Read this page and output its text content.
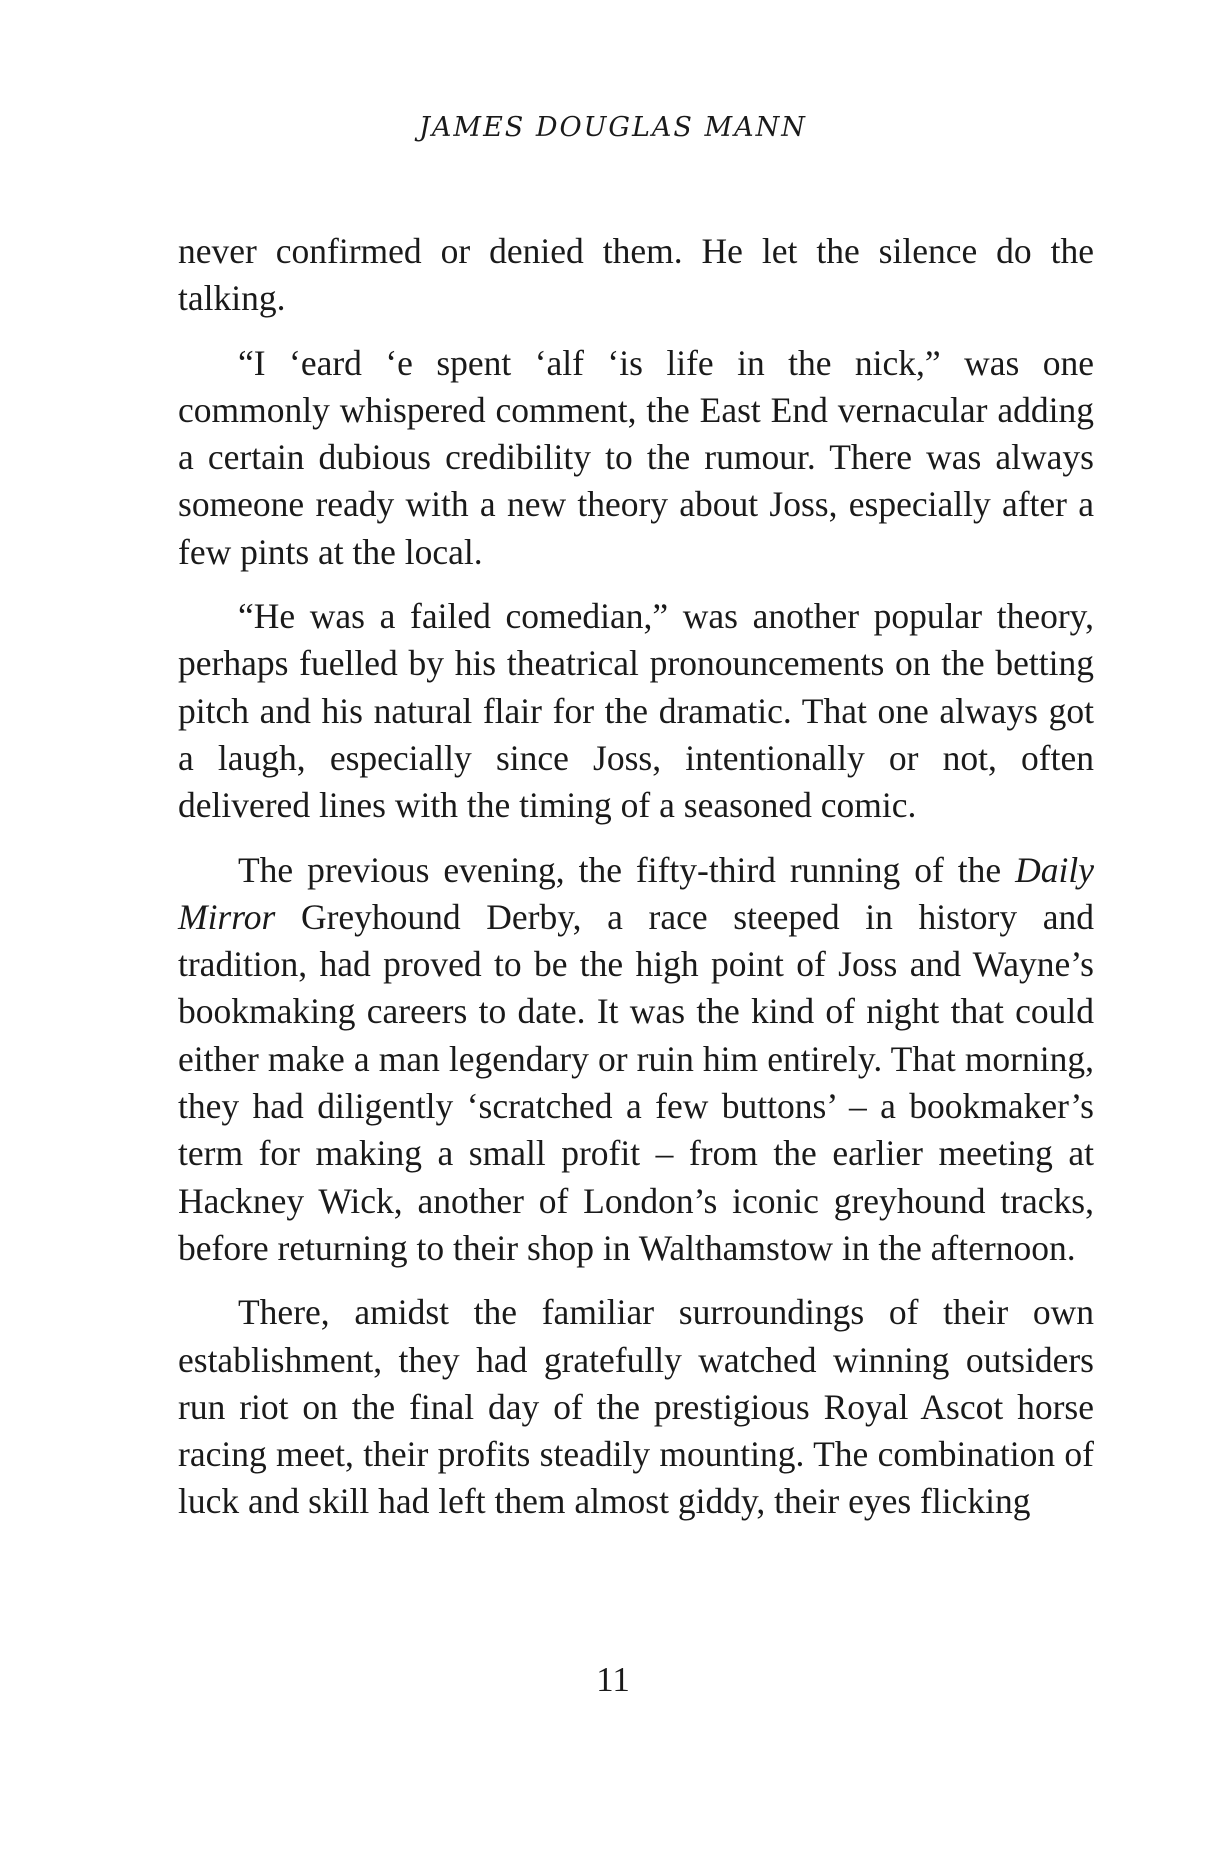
JAMES DOUGLAS MANN

never confirmed or denied them. He let the silence do the talking.

“I ‘eard ‘e spent ‘alf ‘is life in the nick,” was one commonly whispered comment, the East End vernacular adding a certain dubious credibility to the rumour. There was always someone ready with a new theory about Joss, especially after a few pints at the local.

“He was a failed comedian,” was another popular theory, perhaps fuelled by his theatrical pronouncements on the betting pitch and his natural flair for the dramatic. That one always got a laugh, especially since Joss, intentionally or not, often delivered lines with the timing of a seasoned comic.

The previous evening, the fifty-third running of the Daily Mirror Greyhound Derby, a race steeped in history and tradition, had proved to be the high point of Joss and Wayne’s bookmaking careers to date. It was the kind of night that could either make a man legendary or ruin him entirely. That morning, they had diligently ‘scratched a few buttons’ – a bookmaker’s term for making a small profit – from the earlier meeting at Hackney Wick, another of London’s iconic greyhound tracks, before returning to their shop in Walthamstow in the afternoon.

There, amidst the familiar surroundings of their own establishment, they had gratefully watched winning outsiders run riot on the final day of the prestigious Royal Ascot horse racing meet, their profits steadily mounting. The combination of luck and skill had left them almost giddy, their eyes flicking

11
